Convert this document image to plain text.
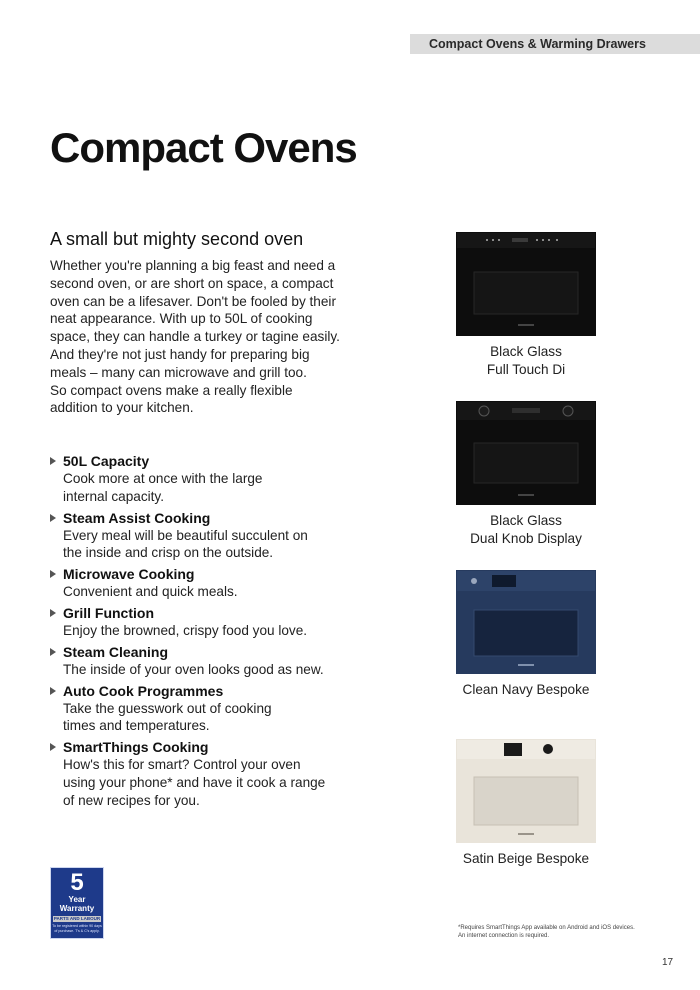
Compact Ovens & Warming Drawers
Compact Ovens
A small but mighty second oven

Whether you're planning a big feast and need a
second oven, or are short on space, a compact
oven can be a lifesaver. Don't be fooled by their
neat appearance. With up to 50L of cooking
space, they can handle a turkey or tagine easily.
And they're not just handy for preparing big
meals – many can microwave and grill too.
So compact ovens make a really flexible
addition to your kitchen.

50L Capacity
Cook more at once with the large
internal capacity.
Steam Assist Cooking
Every meal will be beautiful succulent on
the inside and crisp on the outside.
Microwave Cooking
Convenient and quick meals.
Grill Function
Enjoy the browned, crispy food you love.
Steam Cleaning
The inside of your oven looks good as new.
Auto Cook Programmes
Take the guesswork out of cooking
times and temperatures.
SmartThings Cooking
How's this for smart? Control your oven
using your phone* and have it cook a range
of new recipes for you.
5
Year
Warranty
PARTS AND LABOUR
To be registered within 90 days of purchase. T's & C's apply.
Black Glass
Full Touch Di
Black Glass
Dual Knob Display
Clean Navy Bespoke
Satin Beige Bespoke
*Requires SmartThings App available on Android and iOS devices.
An internet connection is required.
17
